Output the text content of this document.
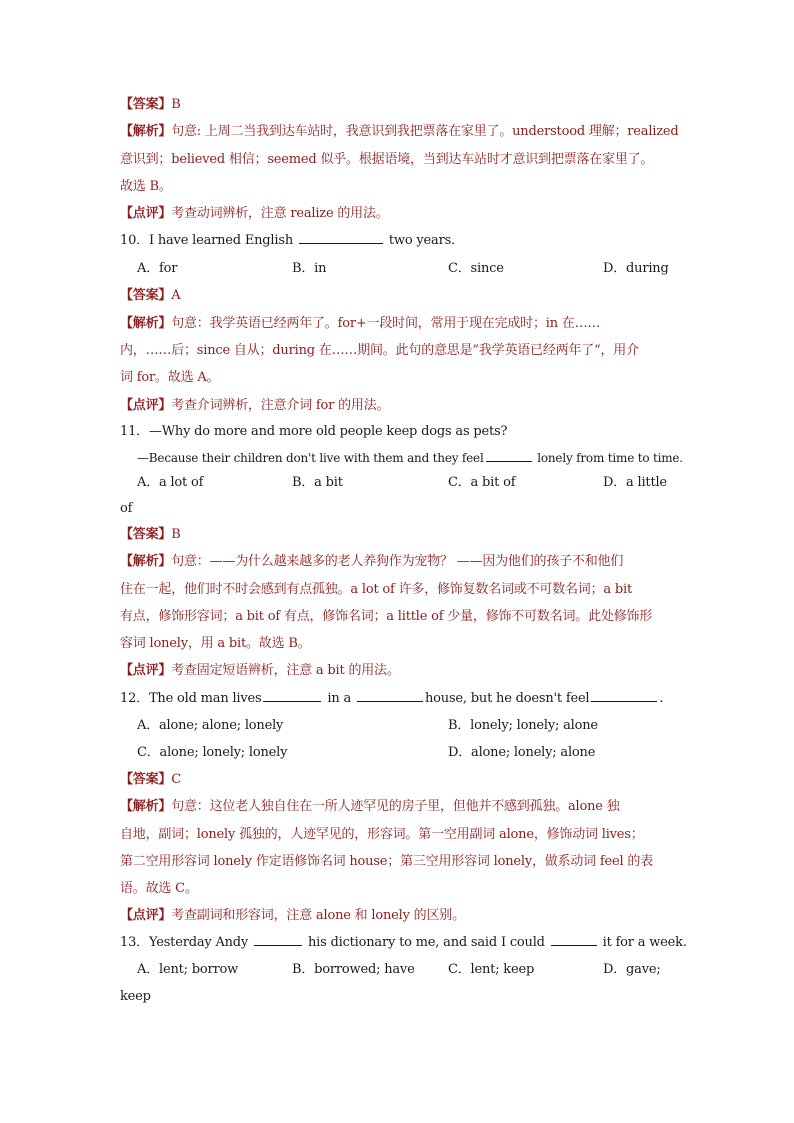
【答案】B
【解析】句意: 上周二当我到达车站时，我意识到我把票落在家里了。understood 理解；realized
意识到；believed 相信；seemed 似乎。根据语境，当到达车站时才意识到把票落在家里了。
故选 B。
【点评】考查动词辨析，注意 realize 的用法。
10．I have learned English	two years.
A．for	B．in	C．since	D．during
【答案】A
【解析】句意：我学英语已经两年了。for+一段时间，常用于现在完成时；in 在……
内，……后；since 自从；during 在……期间。此句的意思是”我学英语已经两年了“，用介
词 for。故选 A。
【点评】考查介词辨析，注意介词 for 的用法。
11．—Why do more and more old people keep dogs as pets?
—Because their children don't live with them and they feel	lonely from time to time.
A．a lot of	B．a bit	C．a bit of	D．a little
of
【答案】B
【解析】句意：——为什么越来越多的老人养狗作为宠物？ ——因为他们的孩子不和他们
住在一起，他们时不时会感到有点孤独。a lot of 许多，修饰复数名词或不可数名词；a bit
有点，修饰形容词；a bit of 有点，修饰名词；a little of 少量，修饰不可数名词。此处修饰形
容词 lonely，用 a bit。故选 B。
【点评】考查固定短语辨析，注意 a bit 的用法。
12．The old man lives	in a	house, but he doesn't feel	.
A．alone; alone; lonely	B．lonely; lonely; alone
C．alone; lonely; lonely	D．alone; lonely; alone
【答案】C
【解析】句意：这位老人独自住在一所人迹罕见的房子里，但他并不感到孤独。alone 独
自地，副词；lonely 孤独的，人迹罕见的，形容词。第一空用副词 alone，修饰动词 lives；
第二空用形容词 lonely 作定语修饰名词 house；第三空用形容词 lonely，做系动词 feel 的表
语。故选 C。
【点评】考查副词和形容词，注意 alone 和 lonely 的区别。
13．Yesterday Andy	his dictionary to me, and said I could	it for a week.
A．lent; borrow	B．borrowed; have	C．lent; keep	D．gave;
keep
